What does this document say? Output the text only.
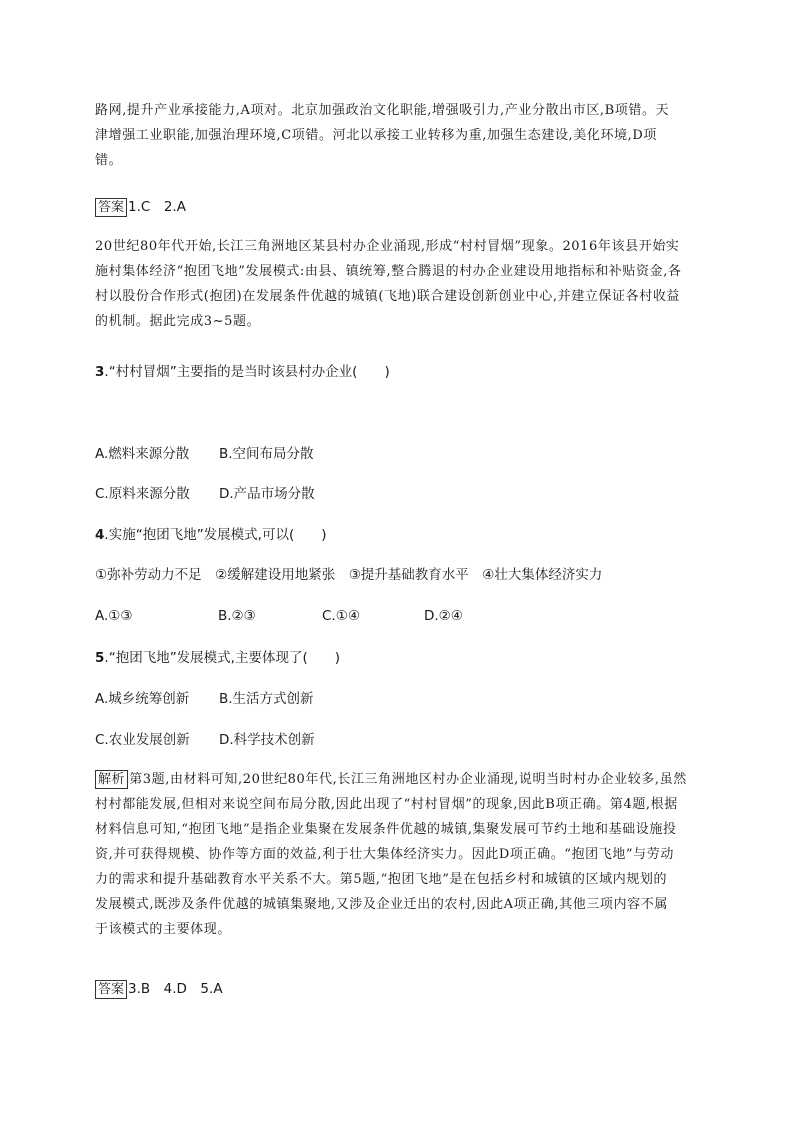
路网,提升产业承接能力,A项对。北京加强政治文化职能,增强吸引力,产业分散出市区,B项错。天

津增强工业职能,加强治理环境,C项错。河北以承接工业转移为重,加强生态建设,美化环境,D项

错。

答案 1.C　2.A

20世纪80年代开始,长江三角洲地区某县村办企业涌现,形成“村村冒烟”现象。2016年该县开始实

施村集体经济“抱团飞地”发展模式:由县、镇统筹,整合腾退的村办企业建设用地指标和补贴资金,各

村以股份合作形式(抱团)在发展条件优越的城镇(飞地)联合建设创新创业中心,并建立保证各村收益

的机制。据此完成3~5题。

3.“村村冒烟”主要指的是当时该县村办企业(　　)
A.燃料来源分散 B.空间布局分散
C.原料来源分散 D.产品市场分散
4.实施“抱团飞地”发展模式,可以(　　)
①弥补劳动力不足　②缓解建设用地紧张　③提升基础教育水平　④壮大集体经济实力
A.①③	B.②③	C.①④	D.②④
5.“抱团飞地”发展模式,主要体现了(　　)
A.城乡统筹创新 B.生活方式创新
C.农业发展创新 D.科学技术创新

解析 第3题,由材料可知,20世纪80年代,长江三角洲地区村办企业涌现,说明当时村办企业较多,虽然

村村都能发展,但相对来说空间布局分散,因此出现了“村村冒烟”的现象,因此B项正确。第4题,根据

材料信息可知,“抱团飞地”是指企业集聚在发展条件优越的城镇,集聚发展可节约土地和基础设施投

资,并可获得规模、协作等方面的效益,利于壮大集体经济实力。因此D项正确。“抱团飞地”与劳动

力的需求和提升基础教育水平关系不大。第5题,“抱团飞地”是在包括乡村和城镇的区域内规划的

发展模式,既涉及条件优越的城镇集聚地,又涉及企业迁出的农村,因此A项正确,其他三项内容不属

于该模式的主要体现。

答案 3.B　4.D　5.A
